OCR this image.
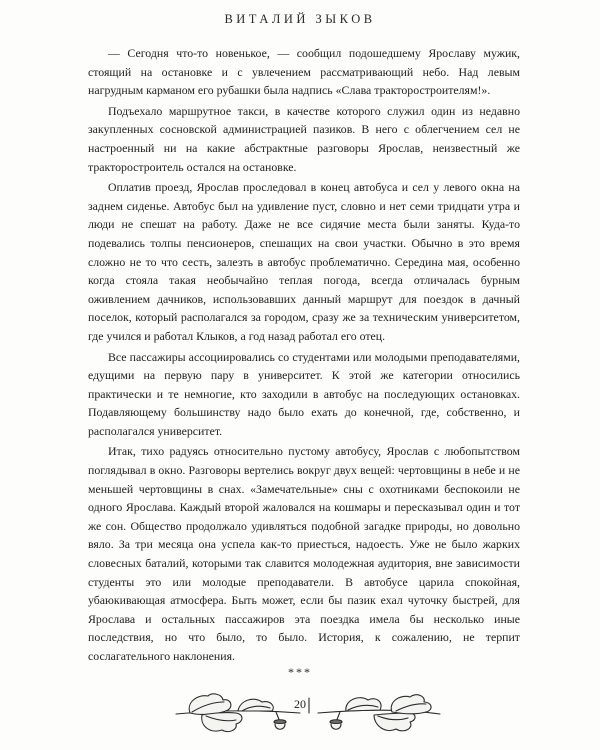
ВИТАЛИЙ ЗЫКОВ

— Сегодня что-то новенькое, — сообщил подошедшему Ярославу мужик, стоящий на остановке и с увлечением рассматривающий небо. Над левым нагрудным карманом его рубашки была надпись «Слава тракторостроителям!».

Подъехало маршрутное такси, в качестве которого служил один из недавно закупленных сосновской администрацией пазиков. В него с облегчением сел не настроенный ни на какие абстрактные разговоры Ярослав, неизвестный же тракторостроитель остался на остановке.

Оплатив проезд, Ярослав проследовал в конец автобуса и сел у левого окна на заднем сиденье. Автобус был на удивление пуст, словно и нет семи тридцати утра и люди не спешат на работу. Даже не все сидячие места были заняты. Куда-то подевались толпы пенсионеров, спешащих на свои участки. Обычно в это время сложно не то что сесть, залезть в автобус проблематично. Середина мая, особенно когда стояла такая необычайно теплая погода, всегда отличалась бурным оживлением дачников, использовавших данный маршрут для поездок в дачный поселок, который располагался за городом, сразу же за техническим университетом, где учился и работал Клыков, а год назад работал его отец.

Все пассажиры ассоциировались со студентами или молодыми преподавателями, едущими на первую пару в университет. К этой же категории относились практически и те немногие, кто заходили в автобус на последующих остановках. Подавляющему большинству надо было ехать до конечной, где, собственно, и располагался университет.

Итак, тихо радуясь относительно пустому автобусу, Ярослав с любопытством поглядывал в окно. Разговоры вертелись вокруг двух вещей: чертовщины в небе и не меньшей чертовщины в снах. «Замечательные» сны с охотниками беспокоили не одного Ярослава. Каждый второй жаловался на кошмары и пересказывал один и тот же сон. Общество продолжало удивляться подобной загадке природы, но довольно вяло. За три месяца она успела как-то приесться, надоесть. Уже не было жарких словесных баталий, которыми так славится молодежная аудитория, вне зависимости студенты это или молодые преподаватели. В автобусе царила спокойная, убаюкивающая атмосфера. Быть может, если бы пазик ехал чуточку быстрей, для Ярослава и остальных пассажиров эта поездка имела бы несколько иные последствия, но что было, то было. История, к сожалению, не терпит сослагательного наклонения.

***
20
